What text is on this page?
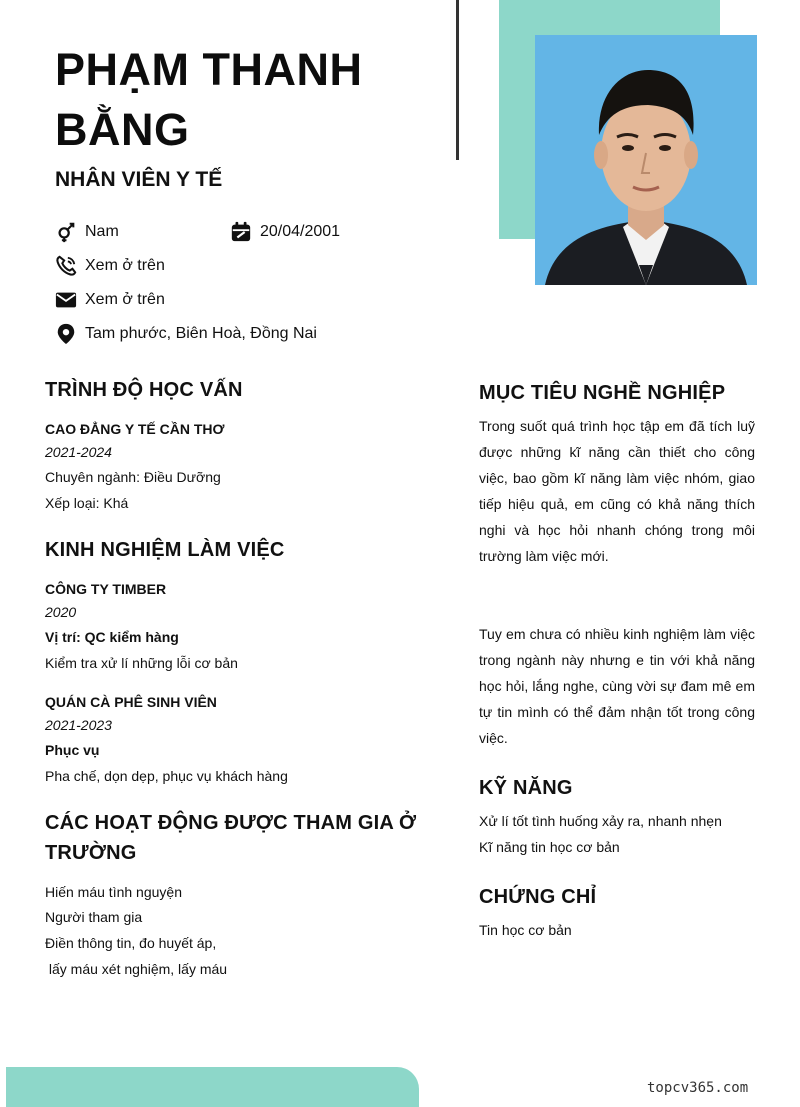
PHẠM THANH BẰNG
NHÂN VIÊN Y TẾ
Nam	20/04/2001
Xem ở trên
Xem ở trên
Tam phước, Biên Hoà, Đồng Nai
TRÌNH ĐỘ HỌC VẤN
CAO ĐẲNG Y TẾ CẦN THƠ
2021-2024
Chuyên ngành: Điều Dưỡng
Xếp loại: Khá
KINH NGHIỆM LÀM VIỆC
CÔNG TY TIMBER
2020
Vị trí: QC kiểm hàng
Kiểm tra xử lí những lỗi cơ bản
QUÁN CÀ PHÊ SINH VIÊN
2021-2023
Phục vụ
Pha chế, dọn dẹp, phục vụ khách hàng
CÁC HOẠT ĐỘNG ĐƯỢC THAM GIA Ở
TRƯỜNG
Hiến máu tình nguyện
Người tham gia
Điền thông tin, đo huyết áp,
lấy máu xét nghiệm, lấy máu
MỤC TIÊU NGHỀ NGHIỆP
Trong suốt quá trình học tập em đã tích luỹ được những kĩ năng cần thiết cho công việc, bao gồm kĩ năng làm việc nhóm, giao tiếp hiệu quả, em cũng có khả năng thích nghi và học hỏi nhanh chóng trong môi trường làm việc mới.
Tuy em chưa có nhiều kinh nghiệm làm việc trong ngành này nhưng e tin với khả năng học hỏi, lắng nghe, cùng vời sự đam mê em tự tin mình có thể đảm nhận tốt trong công việc.
KỸ NĂNG
Xử lí tốt tình huống xảy ra, nhanh nhẹn
Kĩ năng tin học cơ bản
CHỨNG CHỈ
Tin học cơ bản
topcv365.com
